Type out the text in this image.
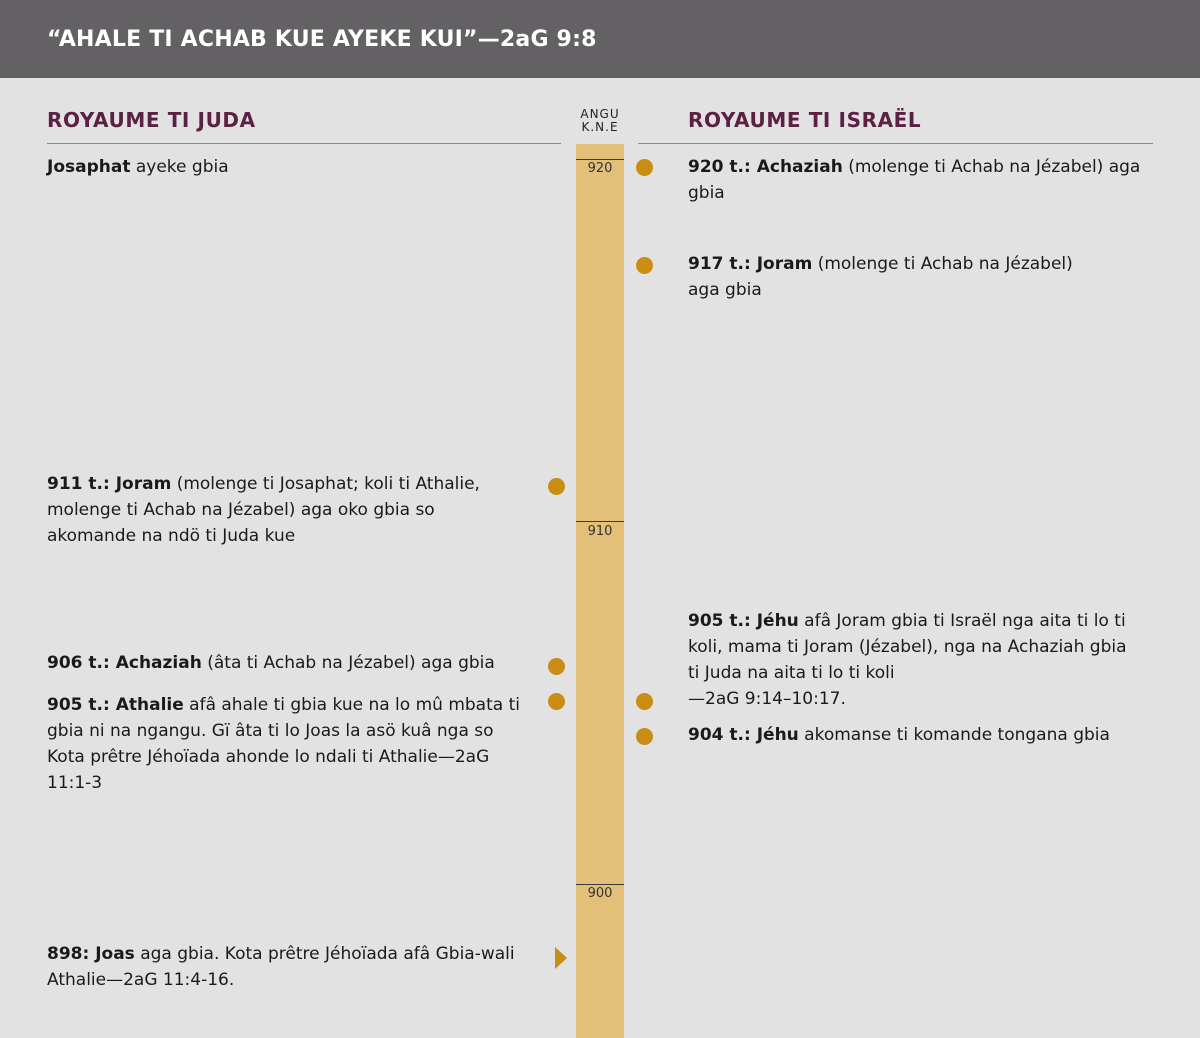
“AHALE TI ACHAB KUE AYEKE KUI”—2aG 9:8
ROYAUME TI JUDA	ROYAUME TI ISRAËL
ANGU
K.N.E
920
910
900
Josaphat ayeke gbia
911 t.: Joram (molenge ti Josaphat; koli ti Athalie, molenge ti Achab na Jézabel) aga oko gbia so akomande na ndö ti Juda kue
906 t.: Achaziah (âta ti Achab na Jézabel) aga gbia
905 t.: Athalie afâ ahale ti gbia kue na lo mû mbata ti gbia ni na ngangu. Gï âta ti lo Joas la asö kuâ nga so Kota prêtre Jéhoïada ahonde lo ndali ti Athalie—2aG 11:1-3
898: Joas aga gbia. Kota prêtre Jéhoïada afâ Gbia-wali Athalie—2aG 11:4-16.
920 t.: Achaziah (molenge ti Achab na Jézabel) aga gbia
917 t.: Joram (molenge ti Achab na Jézabel) aga gbia
905 t.: Jéhu afâ Joram gbia ti Israël nga aita ti lo ti koli, mama ti Joram (Jézabel), nga na Achaziah gbia ti Juda na aita ti lo ti koli
—2aG 9:14–10:17.
904 t.: Jéhu akomanse ti komande tongana gbia
